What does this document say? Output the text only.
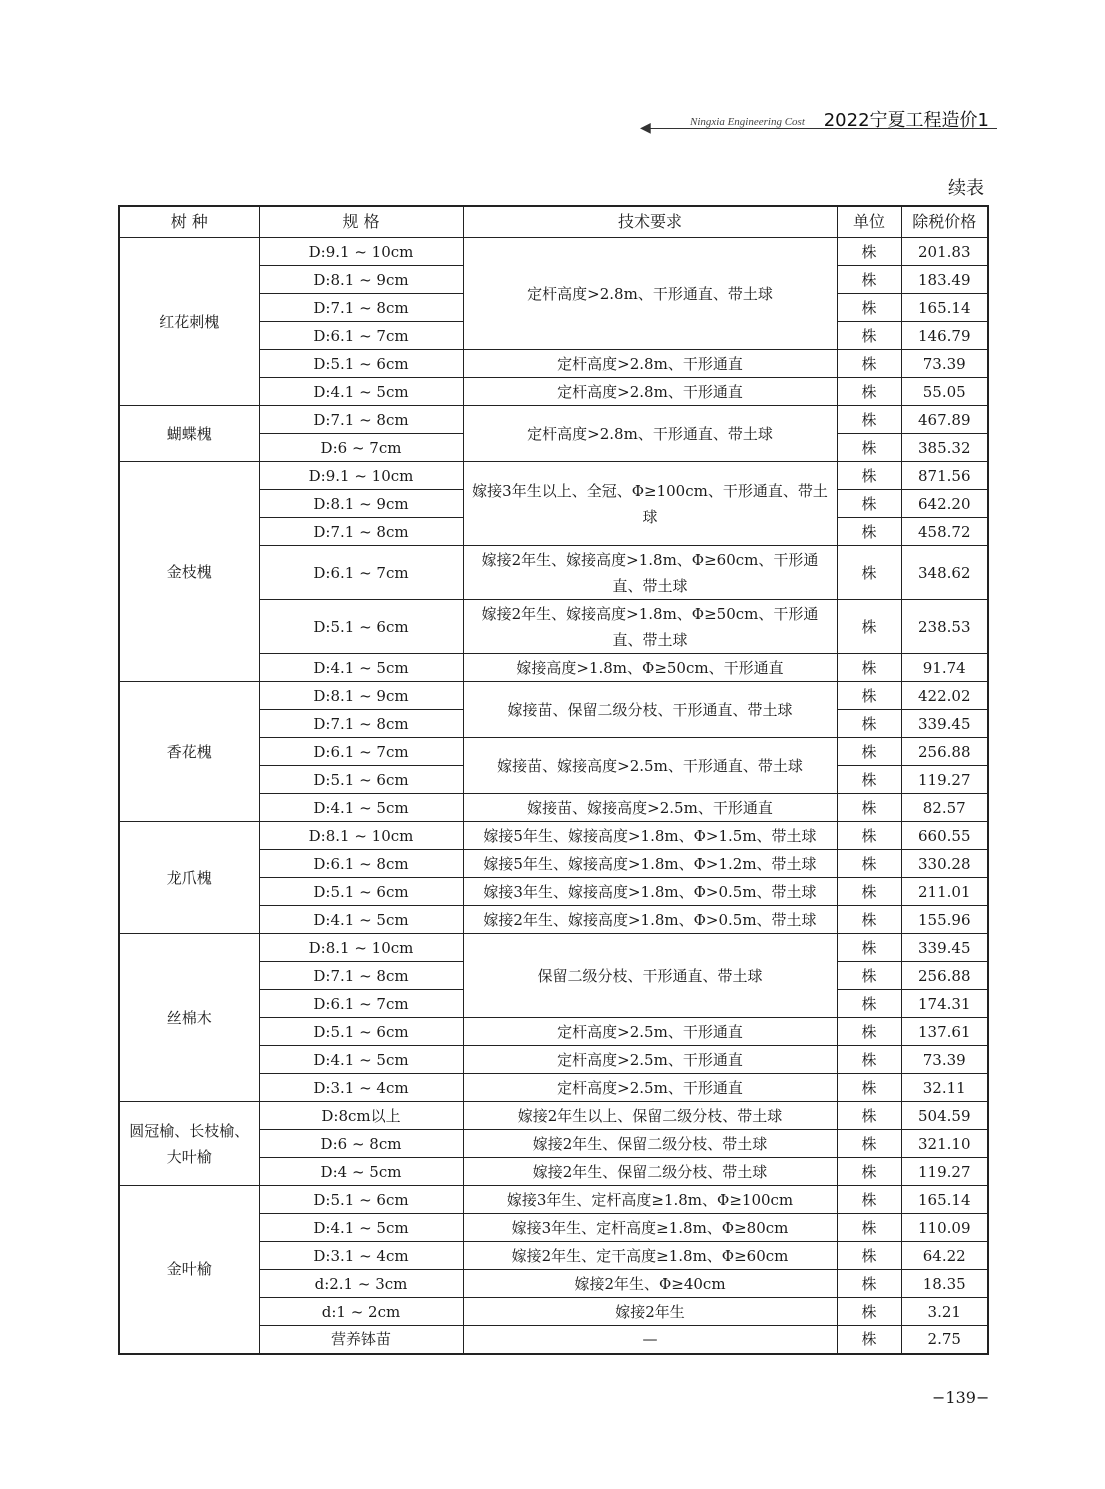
◀	Ningxia Engineering Cost 2022宁夏工程造价1
续表
树 种	规 格	技术要求	单位	除税价格
红花刺槐	D:9.1 ~ 10cm	定杆高度>2.8m、干形通直、带土球	株	201.83
	D:8.1 ~ 9cm		株	183.49
	D:7.1 ~ 8cm		株	165.14
	D:6.1 ~ 7cm		株	146.79
	D:5.1 ~ 6cm	定杆高度>2.8m、干形通直	株	73.39
	D:4.1 ~ 5cm	定杆高度>2.8m、干形通直	株	55.05
蝴蝶槐	D:7.1 ~ 8cm	定杆高度>2.8m、干形通直、带土球	株	467.89
	D:6 ~ 7cm		株	385.32
金枝槐	D:9.1 ~ 10cm	嫁接3年生以上、全冠、Φ≥100cm、干形通直、带土球	株	871.56
	D:8.1 ~ 9cm		株	642.20
	D:7.1 ~ 8cm		株	458.72
	D:6.1 ~ 7cm	嫁接2年生、嫁接高度>1.8m、Φ≥60cm、干形通直、带土球	株	348.62
	D:5.1 ~ 6cm	嫁接2年生、嫁接高度>1.8m、Φ≥50cm、干形通直、带土球	株	238.53
	D:4.1 ~ 5cm	嫁接高度>1.8m、Φ≥50cm、干形通直	株	91.74
香花槐	D:8.1 ~ 9cm	嫁接苗、保留二级分枝、干形通直、带土球	株	422.02
	D:7.1 ~ 8cm		株	339.45
	D:6.1 ~ 7cm	嫁接苗、嫁接高度>2.5m、干形通直、带土球	株	256.88
	D:5.1 ~ 6cm		株	119.27
	D:4.1 ~ 5cm	嫁接苗、嫁接高度>2.5m、干形通直	株	82.57
龙爪槐	D:8.1 ~ 10cm	嫁接5年生、嫁接高度>1.8m、Φ>1.5m、带土球	株	660.55
	D:6.1 ~ 8cm	嫁接5年生、嫁接高度>1.8m、Φ>1.2m、带土球	株	330.28
	D:5.1 ~ 6cm	嫁接3年生、嫁接高度>1.8m、Φ>0.5m、带土球	株	211.01
	D:4.1 ~ 5cm	嫁接2年生、嫁接高度>1.8m、Φ>0.5m、带土球	株	155.96
丝棉木	D:8.1 ~ 10cm	保留二级分枝、干形通直、带土球	株	339.45
	D:7.1 ~ 8cm		株	256.88
	D:6.1 ~ 7cm		株	174.31
	D:5.1 ~ 6cm	定杆高度>2.5m、干形通直	株	137.61
	D:4.1 ~ 5cm	定杆高度>2.5m、干形通直	株	73.39
	D:3.1 ~ 4cm	定杆高度>2.5m、干形通直	株	32.11
圆冠榆、长枝榆、大叶榆	D:8cm以上	嫁接2年生以上、保留二级分枝、带土球	株	504.59
	D:6 ~ 8cm	嫁接2年生、保留二级分枝、带土球	株	321.10
	D:4 ~ 5cm	嫁接2年生、保留二级分枝、带土球	株	119.27
金叶榆	D:5.1 ~ 6cm	嫁接3年生、定杆高度≥1.8m、Φ≥100cm	株	165.14
	D:4.1 ~ 5cm	嫁接3年生、定杆高度≥1.8m、Φ≥80cm	株	110.09
	D:3.1 ~ 4cm	嫁接2年生、定干高度≥1.8m、Φ≥60cm	株	64.22
	d:2.1 ~ 3cm	嫁接2年生、Φ≥40cm	株	18.35
	d:1 ~ 2cm	嫁接2年生	株	3.21
	营养钵苗	—	株	2.75
−139−
